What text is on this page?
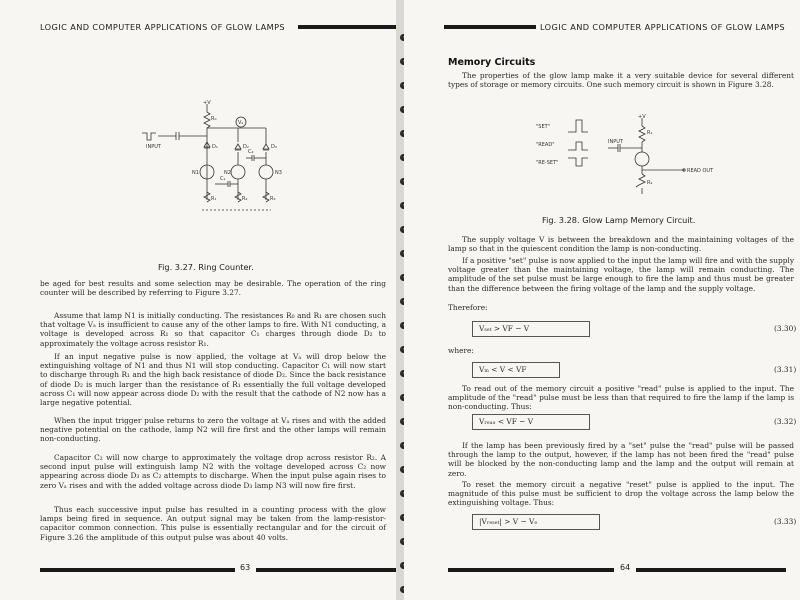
LOGIC AND COMPUTER APPLICATIONS OF GLOW LAMPS
+V
INPUT
Vₐ
R₀
D₁	D₂	D₃
C₁
C₂
N1	N2	N3
R₁	R₂	R₃
Fig. 3.27. Ring Counter.
be aged for best results and some selection may be desirable. The operation of the ring counter will be described by referring to Figure 3.27.
Assume that lamp N1 is initially conducting. The resistances R₀ and R₁ are chosen such that voltage Vₐ is insufficient to cause any of the other lamps to fire. With N1 conducting, a voltage is developed across R₁ so that capacitor C₁ charges through diode D₂ to approximately the voltage across resistor R₁.
If an input negative pulse is now applied, the voltage at Vₐ will drop below the extinguishing voltage of N1 and thus N1 will stop conducting. Capacitor C₁ will now start to discharge through R₁ and the high back resistance of diode D₂. Since the back resistance of diode D₂ is much larger than the resistance of R₁ essentially the full voltage developed across C₁ will now appear across diode D₂ with the result that the cathode of N2 now has a large negative potential.
When the input trigger pulse returns to zero the voltage at Vₐ rises and with the added negative potential on the cathode, lamp N2 will fire first and the other lamps will remain non-conducting.
Capacitor C₂ will now charge to approximately the voltage drop across resistor R₂. A second input pulse will extinguish lamp N2 with the voltage developed across C₂ now appearing across diode D₃ as C₂ attempts to discharge. When the input pulse again rises to zero Vₐ rises and with the added voltage across diode D₃ lamp N3 will now fire first.
Thus each successive input pulse has resulted in a counting process with the glow lamps being fired in sequence. An output signal may be taken from the lamp-resistor-capacitor common connection. This pulse is essentially rectangular and for the circuit of Figure 3.26 the amplitude of this output pulse was about 40 volts.
63
LOGIC AND COMPUTER APPLICATIONS OF GLOW LAMPS
Memory Circuits
The properties of the glow lamp make it a very suitable device for several different types of storage or memory circuits. One such memory circuit is shown in Figure 3.28.
"SET"
"READ"
"RE-SET"
INPUT
+V
R₁
R₂
READ OUT
Fig. 3.28. Glow Lamp Memory Circuit.
The supply voltage V is between the breakdown and the maintaining voltages of the lamp so that in the quiescent condition the lamp is non-conducting.
If a positive "set" pulse is now applied to the input the lamp will fire and with the supply voltage greater than the maintaining voltage, the lamp will remain conducting. The amplitude of the set pulse must be large enough to fire the lamp and thus must be greater than the difference between the firing voltage of the lamp and the supply voltage.
Therefore:
Vₛₑₜ > VF − V	(3.30)
where:
Vₘ < V < VF	(3.31)
To read out of the memory circuit a positive "read" pulse is applied to the input. The amplitude of the "read" pulse must be less than that required to fire the lamp if the lamp is non-conducting. Thus:
Vᵣₑₐₔ < VF − V	(3.32)
If the lamp has been previously fired by a "set" pulse the "read" pulse will be passed through the lamp to the output, however, if the lamp has not been fired the "read" pulse will be blocked by the non-conducting lamp and the lamp and the output will remain at zero.
To reset the memory circuit a negative "reset" pulse is applied to the input. The magnitude of this pulse must be sufficient to drop the voltage across the lamp below the extinguishing voltage. Thus:
|Vᵣₑₛₑₜ| > V − Vₑ	(3.33)
64
